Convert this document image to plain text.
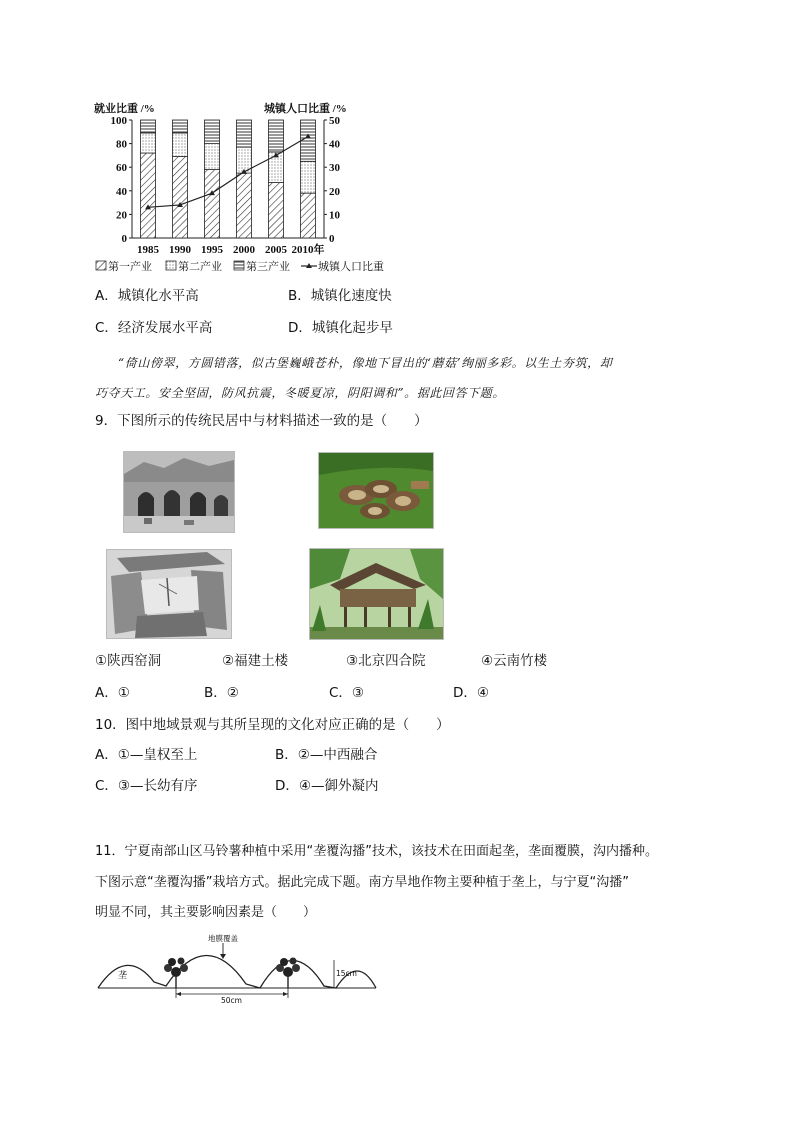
就业比重 /%	城镇人口比重 /%
0
20
40
60
80
100
0
10
20
30
40
50
1985 1990 1995 2000 2005 2010年
第一产业 第二产业 第三产业	城镇人口比重
A．城镇化水平高	B．城镇化速度快
C．经济发展水平高	D．城镇化起步早
“倚山傍翠，方圆错落，似古堡巍峨苍朴，像地下冒出的‘蘑菇’绚丽多彩。以生土夯筑，却
巧夺天工。安全坚固，防风抗震，冬暖夏凉，阴阳调和”。据此回答下题。
9．下图所示的传统民居中与材料描述一致的是（　　）
①陕西窑洞	②福建土楼	③北京四合院	④云南竹楼
A．①	B．②	C．③	D．④
10．图中地域景观与其所呈现的文化对应正确的是（　　）
A．①—皇权至上	B．②—中西融合
C．③—长幼有序	D．④—御外凝内
11．宁夏南部山区马铃薯种植中采用“垄覆沟播”技术，该技术在田面起垄，垄面覆膜，沟内播种。
下图示意“垄覆沟播”栽培方式。据此完成下题。南方旱地作物主要种植于垄上，与宁夏“沟播”
明显不同，其主要影响因素是（　　）
垄
地膜覆盖
15cm
50cm
